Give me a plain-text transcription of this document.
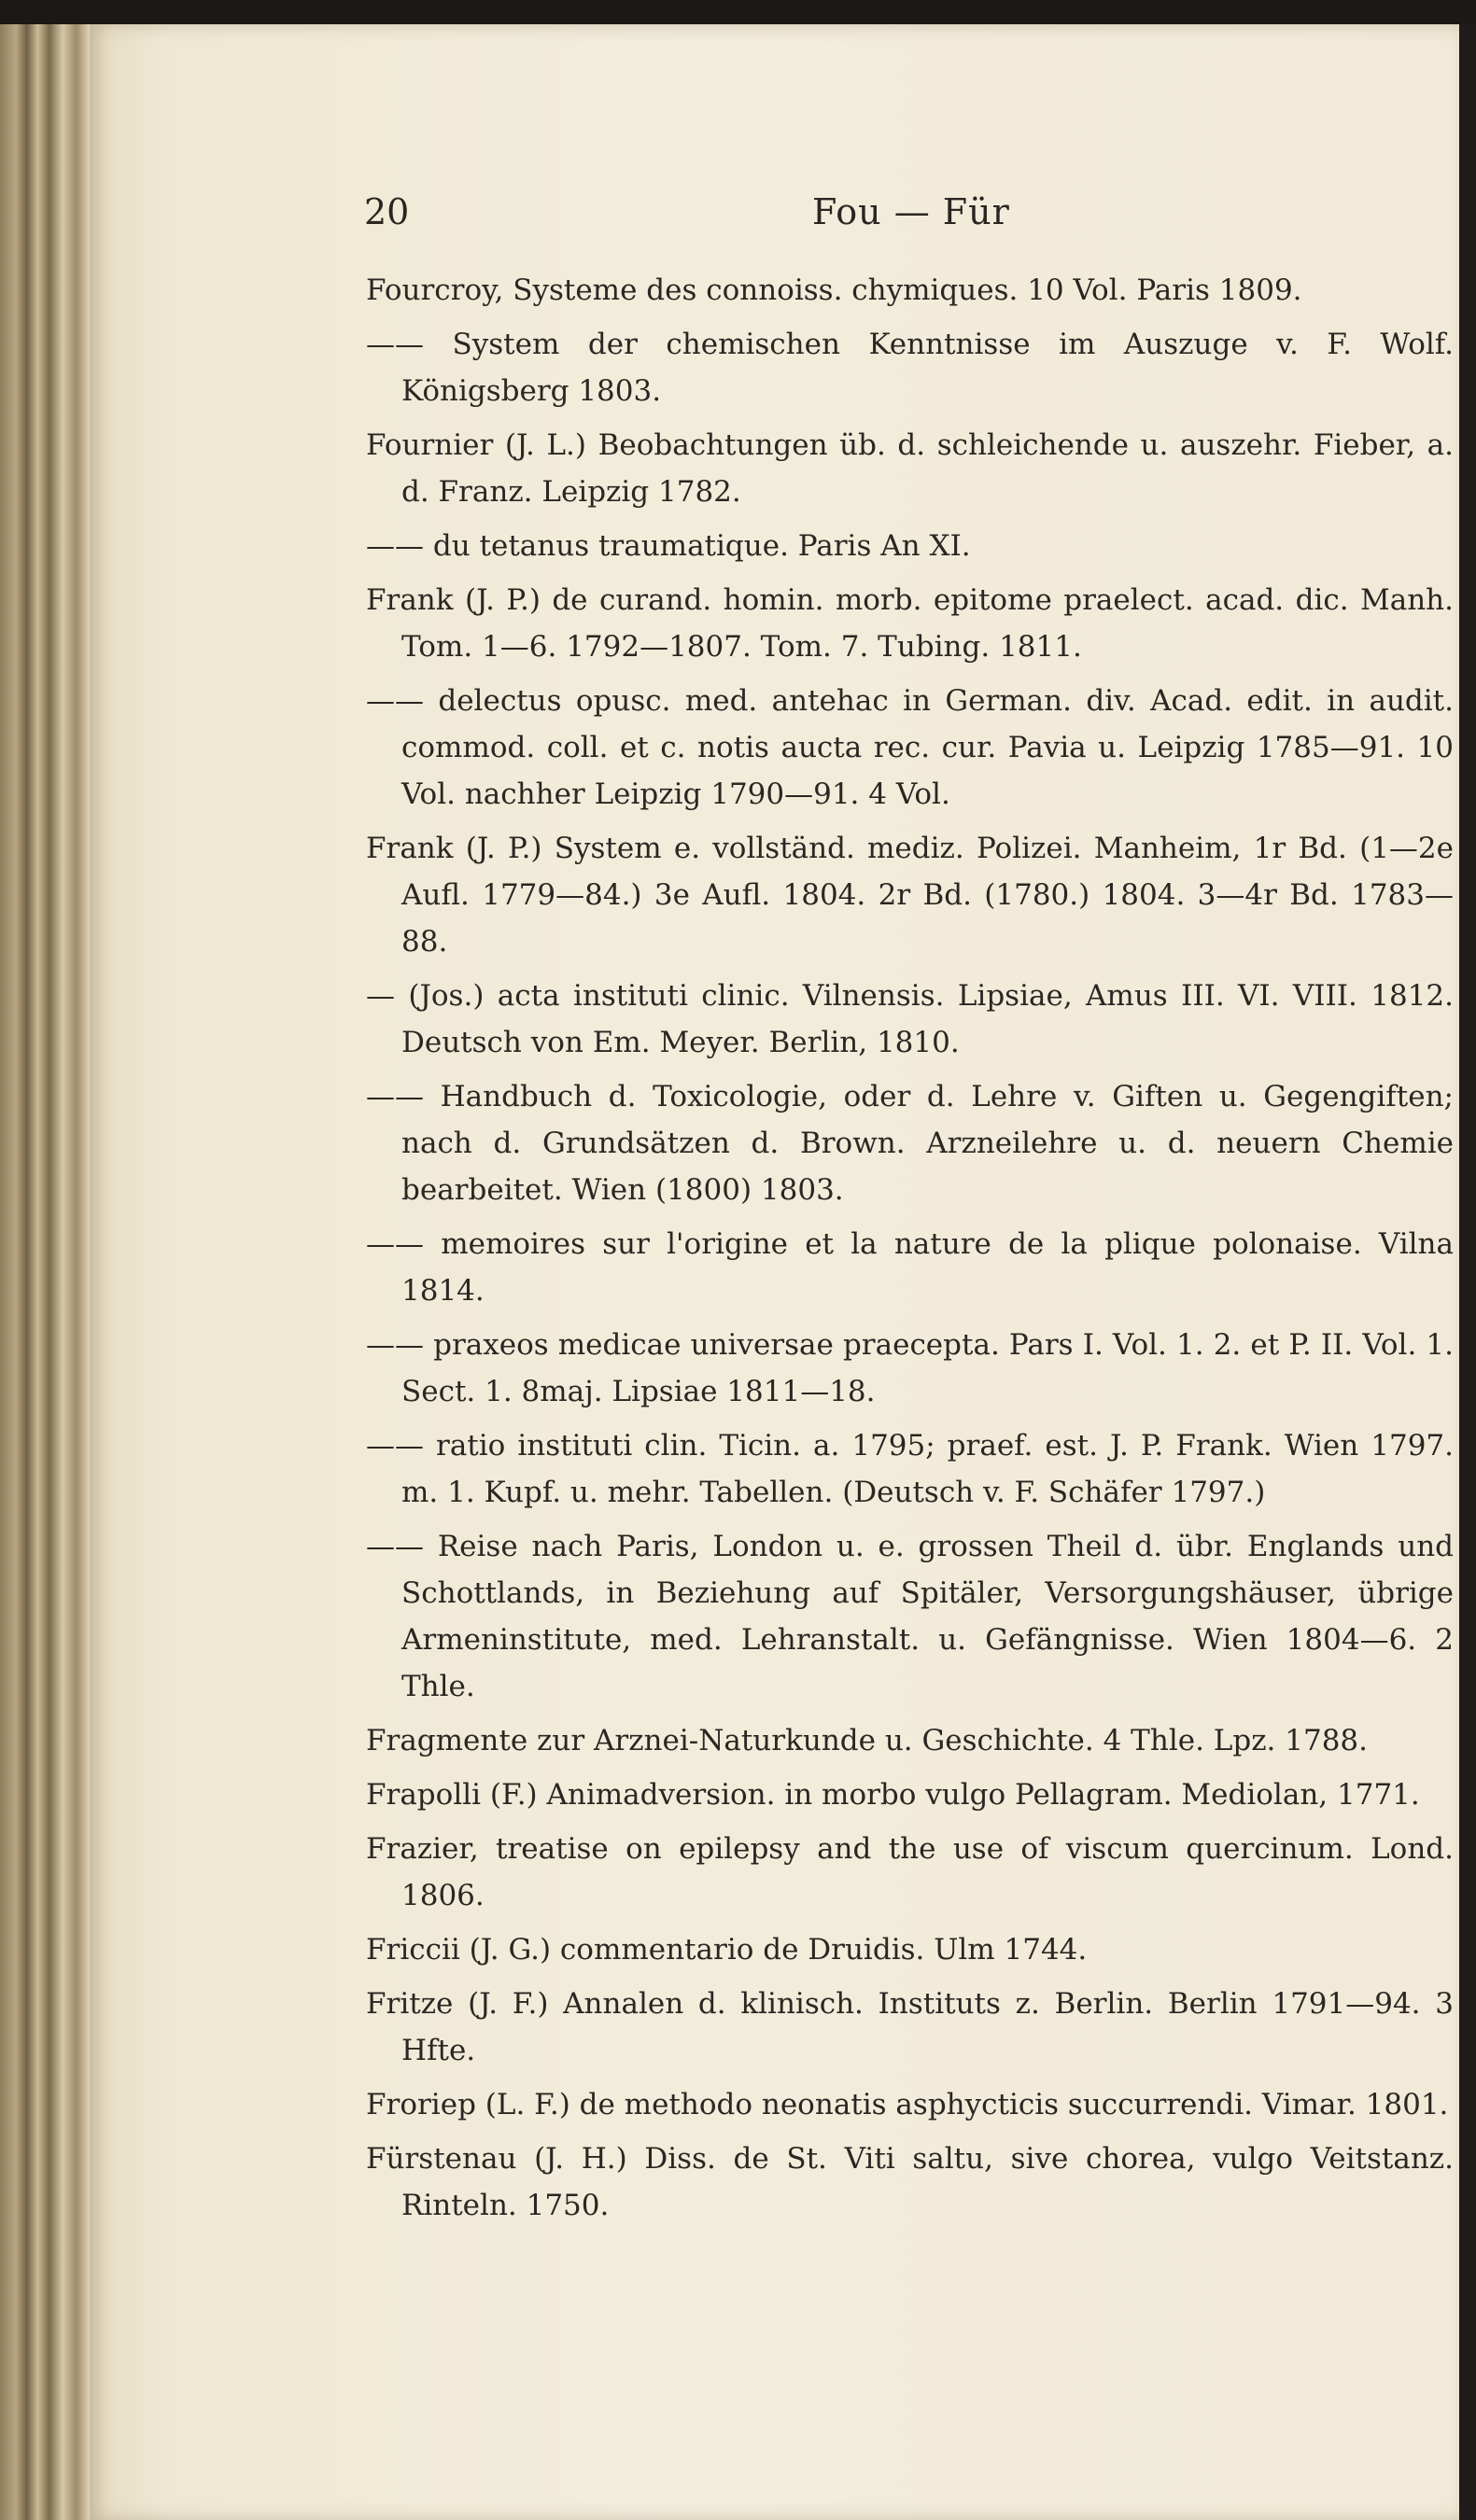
20	Fou — Für
Fourcroy, Systeme des connoiss. chymiques. 10 Vol. Paris 1809.
—— System der chemischen Kenntnisse im Auszuge v. F. Wolf. Königsberg 1803.
Fournier (J. L.) Beobachtungen üb. d. schleichende u. auszehr. Fieber, a. d. Franz. Leipzig 1782.
—— du tetanus traumatique. Paris An XI.
Frank (J. P.) de curand. homin. morb. epitome praelect. acad. dic. Manh. Tom. 1—6. 1792—1807. Tom. 7. Tubing. 1811.
—— delectus opusc. med. antehac in German. div. Acad. edit. in audit. commod. coll. et c. notis aucta rec. cur. Pavia u. Leipzig 1785—91. 10 Vol. nachher Leipzig 1790—91. 4 Vol.
Frank (J. P.) System e. vollständ. mediz. Polizei. Manheim, 1r Bd. (1—2e Aufl. 1779—84.) 3e Aufl. 1804. 2r Bd. (1780.) 1804. 3—4r Bd. 1783—88.
— (Jos.) acta instituti clinic. Vilnensis. Lipsiae, Amus III. VI. VIII. 1812. Deutsch von Em. Meyer. Berlin, 1810.
—— Handbuch d. Toxicologie, oder d. Lehre v. Giften u. Gegengiften; nach d. Grundsätzen d. Brown. Arzneilehre u. d. neuern Chemie bearbeitet. Wien (1800) 1803.
—— memoires sur l'origine et la nature de la plique polonaise. Vilna 1814.
—— praxeos medicae universae praecepta. Pars I. Vol. 1. 2. et P. II. Vol. 1. Sect. 1. 8maj. Lipsiae 1811—18.
—— ratio instituti clin. Ticin. a. 1795; praef. est. J. P. Frank. Wien 1797. m. 1. Kupf. u. mehr. Tabellen. (Deutsch v. F. Schäfer 1797.)
—— Reise nach Paris, London u. e. grossen Theil d. übr. Englands und Schottlands, in Beziehung auf Spitäler, Versorgungshäuser, übrige Armeninstitute, med. Lehranstalt. u. Gefängnisse. Wien 1804—6. 2 Thle.
Fragmente zur Arznei-Naturkunde u. Geschichte. 4 Thle. Lpz. 1788.
Frapolli (F.) Animadversion. in morbo vulgo Pellagram. Mediolan, 1771.
Frazier, treatise on epilepsy and the use of viscum quercinum. Lond. 1806.
Friccii (J. G.) commentario de Druidis. Ulm 1744.
Fritze (J. F.) Annalen d. klinisch. Instituts z. Berlin. Berlin 1791—94. 3 Hfte.
Froriep (L. F.) de methodo neonatis asphycticis succurrendi. Vimar. 1801.
Fürstenau (J. H.) Diss. de St. Viti saltu, sive chorea, vulgo Veitstanz. Rinteln. 1750.
